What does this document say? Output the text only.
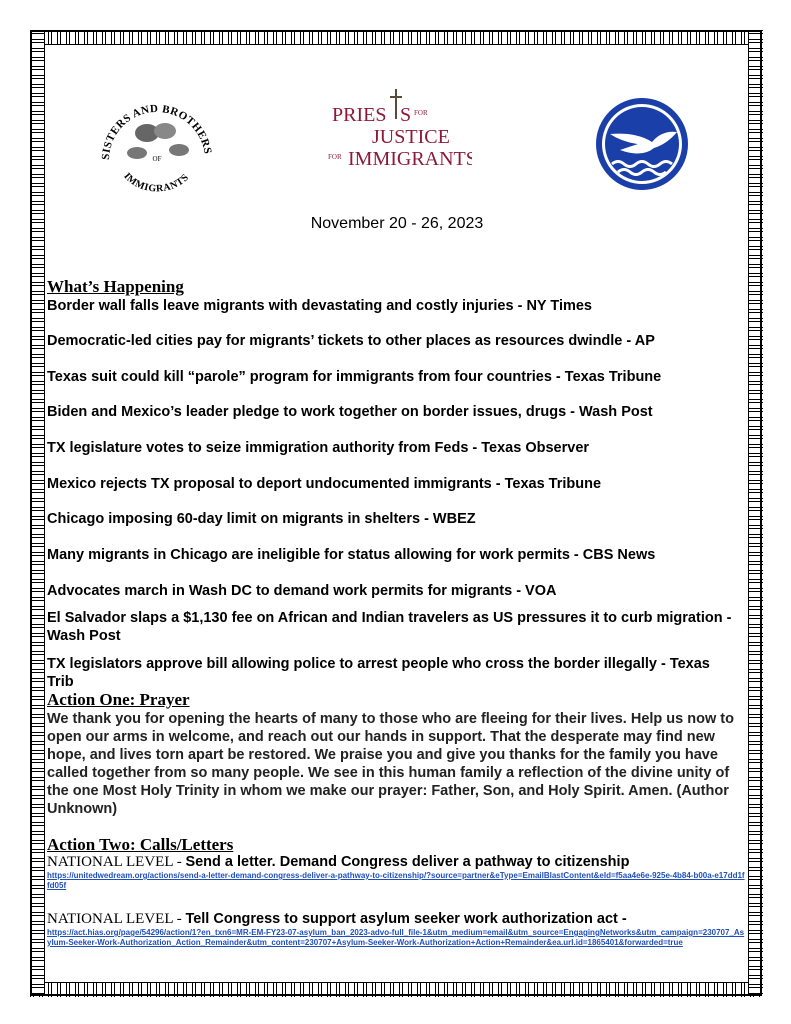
SISTERS AND BROTHERS
IMMIGRANTS
OF
PRIES S FOR
JUSTICE
FOR IMMIGRANTS
November 20 - 26, 2023
What’s Happening

Border wall falls leave migrants with devastating and costly injuries - NY Times

Democratic-led cities pay for migrants’ tickets to other places as resources dwindle - AP

Texas suit could kill “parole” program for immigrants from four countries - Texas Tribune

Biden and Mexico’s leader pledge to work together on border issues, drugs - Wash Post

TX legislature votes to seize immigration authority from Feds - Texas Observer

Mexico rejects TX proposal to deport undocumented immigrants - Texas Tribune

Chicago imposing 60-day limit on migrants in shelters - WBEZ

Many migrants in Chicago are ineligible for status allowing for work permits - CBS News

Advocates march in Wash DC to demand work permits for migrants - VOA

El Salvador slaps a $1,130 fee on African and Indian travelers as US pressures it to curb migration - Wash Post

TX legislators approve bill allowing police to arrest people who cross the border illegally - Texas Trib

Action One: Prayer
We thank you for opening the hearts of many to those who are fleeing for their lives. Help us now to open our arms in welcome, and reach out our hands in support. That the desperate may find new hope, and lives torn apart be restored. We praise you and give you thanks for the family you have called together from so many people. We see in this human family a reflection of the divine unity of the one Most Holy Trinity in whom we make our prayer: Father, Son, and Holy Spirit. Amen. (Author Unknown)
Action Two: Calls/Letters
NATIONAL LEVEL - Send a letter. Demand Congress deliver a pathway to citizenship
https://unitedwedream.org/actions/send-a-letter-demand-congress-deliver-a-pathway-to-citizenship/?source=partner&eType=EmailBlastContent&eId=f5aa4e6e-925e-4b84-b00a-e17dd1ffd05f
NATIONAL LEVEL - Tell Congress to support asylum seeker work authorization act -
https://act.hias.org/page/54296/action/1?en_txn6=MR-EM-FY23-07-asylum_ban_2023-advo-full_file-1&utm_medium=email&utm_source=EngagingNetworks&utm_campaign=230707_Asylum-Seeker-Work-Authorization_Action_Remainder&utm_content=230707+Asylum-Seeker-Work-Authorization+Action+Remainder&ea.url.id=1865401&forwarded=true
